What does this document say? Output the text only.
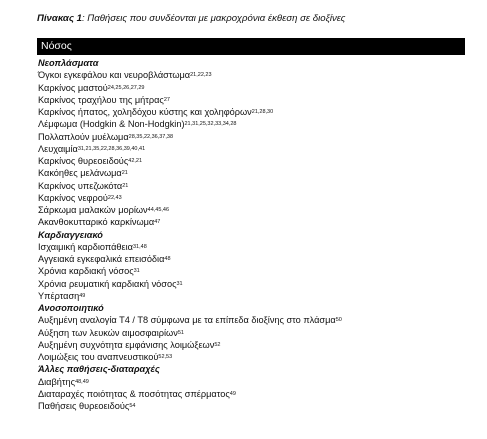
Πίνακας 1: Παθήσεις που συνδέονται με μακροχρόνια έκθεση σε διοξίνες
Νόσος
Νεοπλάσματα
Όγκοι εγκεφάλου και νευροβλάστωμα$^{21,22,23}$
Καρκίνος μαστού$^{24,25,26,27,29}$
Καρκίνος τραχήλου της μήτρας$^{27}$
Καρκίνος ήπατος, χοληδόχου κύστης και χοληφόρων$^{21,28,30}$
Λέμφωμα (Hodgkin & Non-Hodgkin)$^{21,31,25,32,33,34,28}$
Πολλαπλούν μυέλωμα$^{28,35,22,36,37,38}$
Λευχαιμία$^{31,21,35,22,28,36,39,40,41}$
Καρκίνος θυρεοειδούς$^{42,21}$
Κακόηθες μελάνωμα$^{21}$
Καρκίνος υπεζωκότα$^{21}$
Καρκίνος νεφρού$^{22,43}$
Σάρκωμα μαλακών μορίων$^{44,45,46}$
Ακανθοκυτταρικό καρκίνωμα$^{47}$
Καρδιαγγειακό
Ισχαιμική καρδιοπάθεια$^{31,48}$
Αγγειακά εγκεφαλικά επεισόδια$^{48}$
Χρόνια καρδιακή νόσος$^{31}$
Χρόνια ρευματική καρδιακή νόσος$^{31}$
Υπέρταση$^{49}$
Ανοσοποιητικό
Αυξημένη αναλογία Τ4 / Τ8 σύμφωνα με τα επίπεδα διοξίνης στο πλάσμα$^{50}$
Αύξηση των λευκών αιμοσφαιρίων$^{51}$
Αυξημένη συχνότητα εμφάνισης λοιμώξεων$^{52}$
Λοιμώξεις του αναπνευστικού$^{52,53}$
Άλλες παθήσεις-διαταραχές
Διαβήτης$^{48,49}$
Διαταραχές ποιότητας & ποσότητας σπέρματος$^{49}$
Παθήσεις θυρεοειδούς$^{54}$
